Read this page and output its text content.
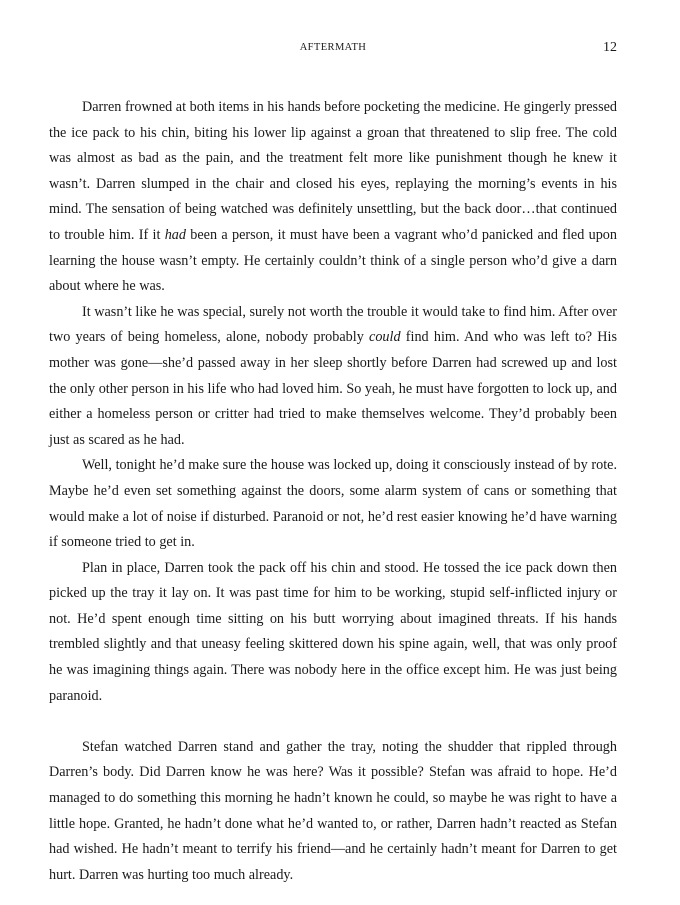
AFTERMATH	12

Darren frowned at both items in his hands before pocketing the medicine. He gingerly pressed the ice pack to his chin, biting his lower lip against a groan that threatened to slip free. The cold was almost as bad as the pain, and the treatment felt more like punishment though he knew it wasn’t. Darren slumped in the chair and closed his eyes, replaying the morning’s events in his mind. The sensation of being watched was definitely unsettling, but the back door…that continued to trouble him. If it had been a person, it must have been a vagrant who’d panicked and fled upon learning the house wasn’t empty. He certainly couldn’t think of a single person who’d give a darn about where he was.

It wasn’t like he was special, surely not worth the trouble it would take to find him. After over two years of being homeless, alone, nobody probably could find him. And who was left to? His mother was gone—she’d passed away in her sleep shortly before Darren had screwed up and lost the only other person in his life who had loved him. So yeah, he must have forgotten to lock up, and either a homeless person or critter had tried to make themselves welcome. They’d probably been just as scared as he had.

Well, tonight he’d make sure the house was locked up, doing it consciously instead of by rote. Maybe he’d even set something against the doors, some alarm system of cans or something that would make a lot of noise if disturbed. Paranoid or not, he’d rest easier knowing he’d have warning if someone tried to get in.

Plan in place, Darren took the pack off his chin and stood. He tossed the ice pack down then picked up the tray it lay on. It was past time for him to be working, stupid self-inflicted injury or not. He’d spent enough time sitting on his butt worrying about imagined threats. If his hands trembled slightly and that uneasy feeling skittered down his spine again, well, that was only proof he was imagining things again. There was nobody here in the office except him. He was just being paranoid.

Stefan watched Darren stand and gather the tray, noting the shudder that rippled through Darren’s body. Did Darren know he was here? Was it possible? Stefan was afraid to hope. He’d managed to do something this morning he hadn’t known he could, so maybe he was right to have a little hope. Granted, he hadn’t done what he’d wanted to, or rather, Darren hadn’t reacted as Stefan had wished. He hadn’t meant to terrify his friend—and he certainly hadn’t meant for Darren to get hurt. Darren was hurting too much already.
